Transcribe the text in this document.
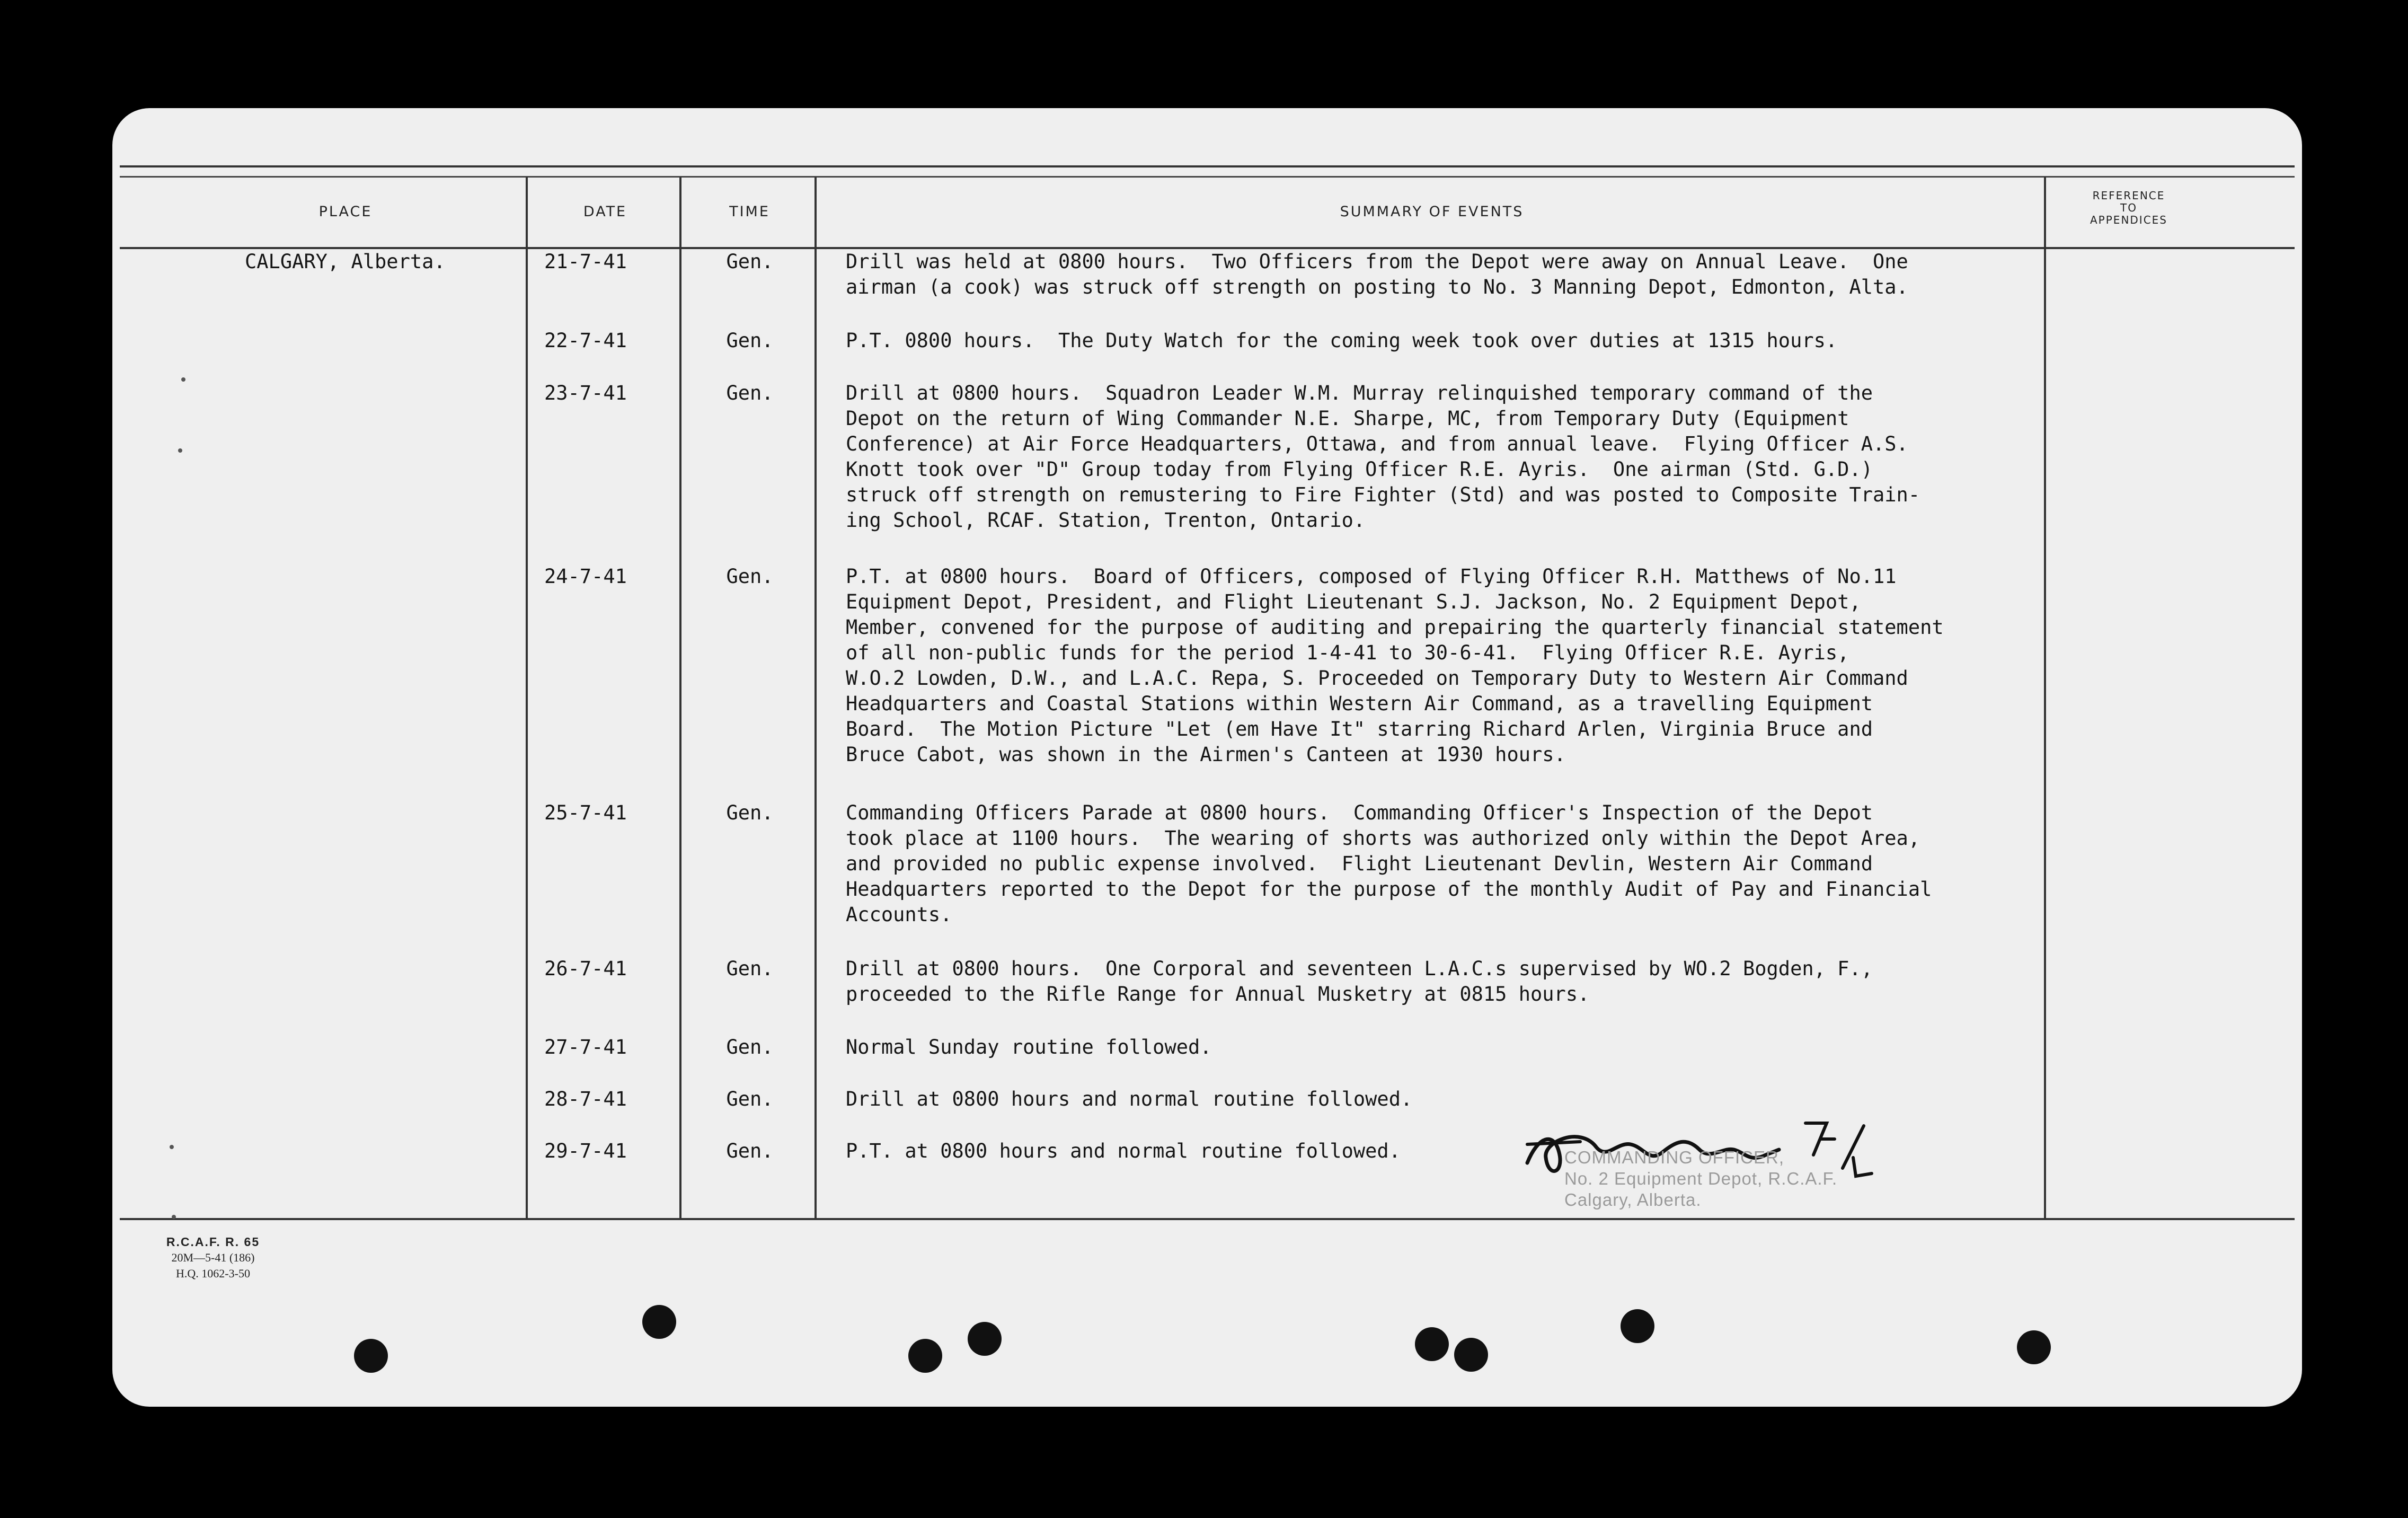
PLACE	DATE	TIME	SUMMARY OF EVENTS
REFERENCE
TO
APPENDICES
CALGARY, Alberta.	21-7-41	Gen.	Drill was held at 0800 hours.  Two Officers from the Depot were away on Annual Leave.  One
airman (a cook) was struck off strength on posting to No. 3 Manning Depot, Edmonton, Alta.
22-7-41	Gen.	P.T. 0800 hours.  The Duty Watch for the coming week took over duties at 1315 hours.
23-7-41	Gen.	Drill at 0800 hours.  Squadron Leader W.M. Murray relinquished temporary command of the
Depot on the return of Wing Commander N.E. Sharpe, MC, from Temporary Duty (Equipment
Conference) at Air Force Headquarters, Ottawa, and from annual leave.  Flying Officer A.S.
Knott took over "D" Group today from Flying Officer R.E. Ayris.  One airman (Std. G.D.)
struck off strength on remustering to Fire Fighter (Std) and was posted to Composite Train-
ing School, RCAF. Station, Trenton, Ontario.
24-7-41	Gen.	P.T. at 0800 hours.  Board of Officers, composed of Flying Officer R.H. Matthews of No.11
Equipment Depot, President, and Flight Lieutenant S.J. Jackson, No. 2 Equipment Depot,
Member, convened for the purpose of auditing and prepairing the quarterly financial statement
of all non-public funds for the period 1-4-41 to 30-6-41.  Flying Officer R.E. Ayris,
W.O.2 Lowden, D.W., and L.A.C. Repa, S. Proceeded on Temporary Duty to Western Air Command
Headquarters and Coastal Stations within Western Air Command, as a travelling Equipment
Board.  The Motion Picture "Let (em Have It" starring Richard Arlen, Virginia Bruce and
Bruce Cabot, was shown in the Airmen's Canteen at 1930 hours.
25-7-41	Gen.	Commanding Officers Parade at 0800 hours.  Commanding Officer's Inspection of the Depot
took place at 1100 hours.  The wearing of shorts was authorized only within the Depot Area,
and provided no public expense involved.  Flight Lieutenant Devlin, Western Air Command
Headquarters reported to the Depot for the purpose of the monthly Audit of Pay and Financial
Accounts.
26-7-41	Gen.	Drill at 0800 hours.  One Corporal and seventeen L.A.C.s supervised by WO.2 Bogden, F.,
proceeded to the Rifle Range for Annual Musketry at 0815 hours.
27-7-41	Gen.	Normal Sunday routine followed.
28-7-41	Gen.	Drill at 0800 hours and normal routine followed.
29-7-41	Gen.	P.T. at 0800 hours and normal routine followed.	COMMANDING OFFICER,
No. 2 Equipment Depot, R.C.A.F.
Calgary, Alberta.
R.C.A.F. R. 65
20M—5-41 (186)
H.Q. 1062-3-50
